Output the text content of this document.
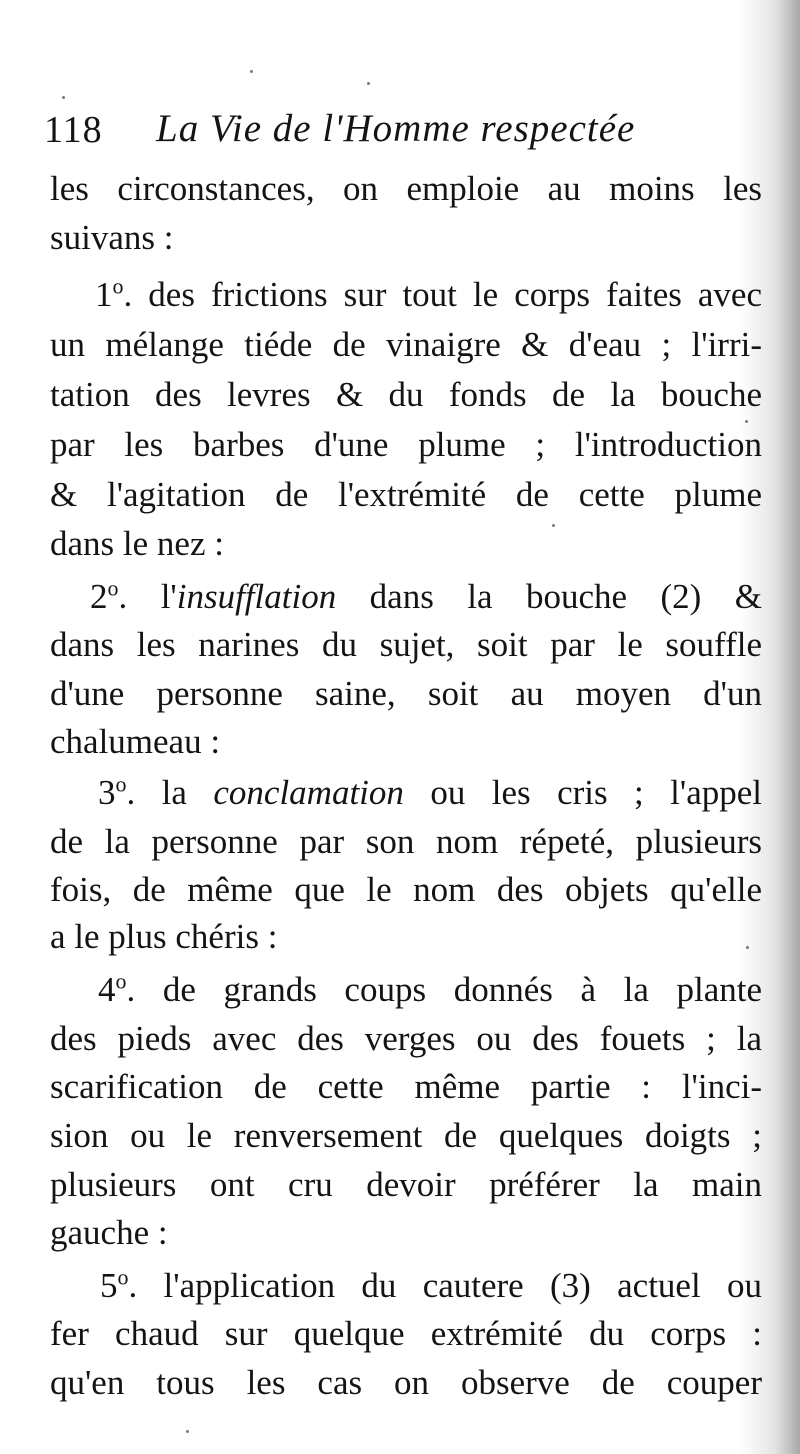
118 La Vie de l'Homme respectée
les circonstances, on emploie au moins les
suivans :
1$^o$. des frictions sur tout le corps faites avec
un mélange tiéde de vinaigre & d'eau ; l'irri-
tation des levres & du fonds de la bouche
par les barbes d'une plume ; l'introduction
& l'agitation de l'extrémité de cette plume
dans le nez :
2$^o$. l'insufflation dans la bouche (2) &
dans les narines du sujet, soit par le souffle
d'une personne saine, soit au moyen d'un
chalumeau :
3$^o$. la conclamation ou les cris ; l'appel
de la personne par son nom répeté, plusieurs
fois, de même que le nom des objets qu'elle
a le plus chéris :
4$^o$. de grands coups donnés à la plante
des pieds avec des verges ou des fouets ; la
scarification de cette même partie : l'inci-
sion ou le renversement de quelques doigts ;
plusieurs ont cru devoir préférer la main
gauche :
5$^o$. l'application du cautere (3) actuel ou
fer chaud sur quelque extrémité du corps :
qu'en tous les cas on observe de couper
